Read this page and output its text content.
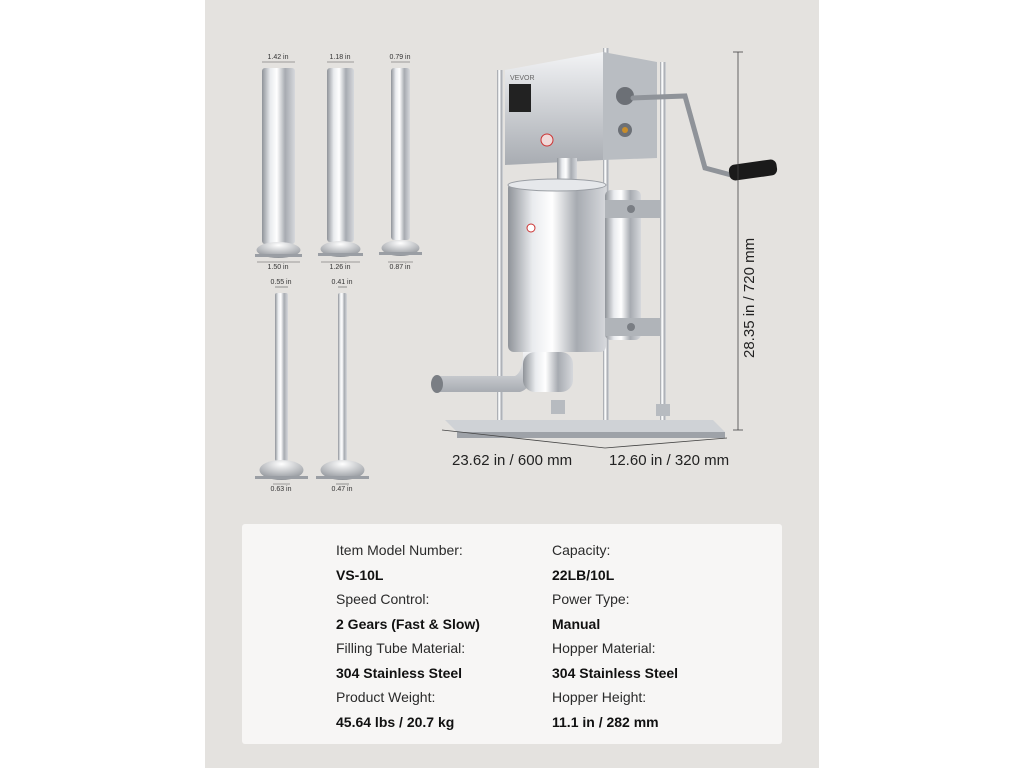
VEVOR
1.42 in
1.50 in
1.18 in
1.26 in
0.79 in
0.87 in
0.55 in
0.63 in
0.41 in
0.47 in
28.35 in / 720 mm
23.62 in / 600 mm 12.60 in / 320 mm
Item Model Number:
VS-10L
Speed Control:
2 Gears (Fast & Slow)
Filling Tube Material:
304 Stainless Steel
Product Weight:
45.64 lbs / 20.7 kg
Capacity:
22LB/10L
Power Type:
Manual
Hopper Material:
304 Stainless Steel
Hopper Height:
11.1 in / 282 mm
